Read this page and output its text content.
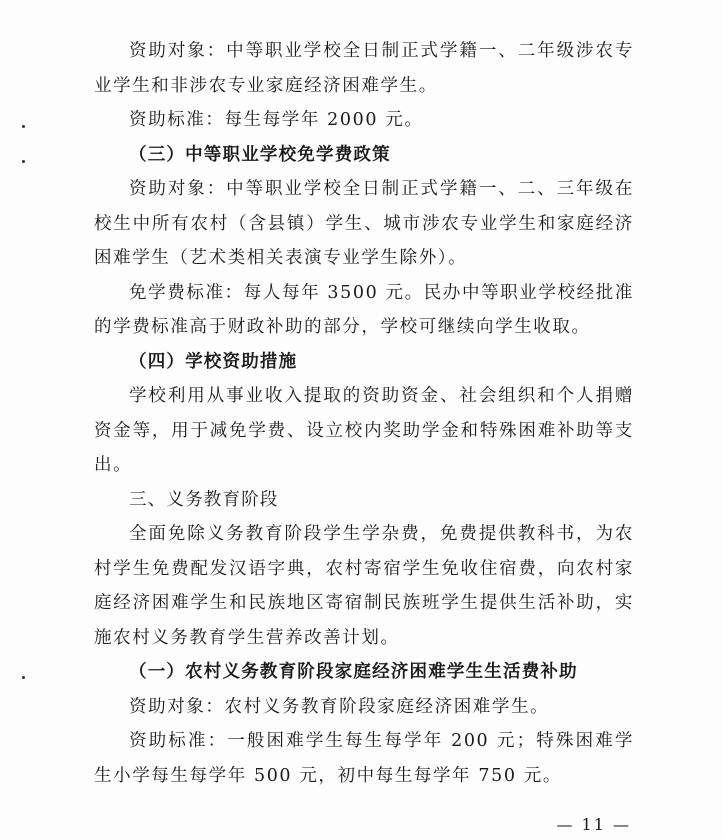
资助对象：中等职业学校全日制正式学籍一、二年级涉农专业学生和非涉农专业家庭经济困难学生。

资助标准：每生每学年 2000 元。

（三）中等职业学校免学费政策

资助对象：中等职业学校全日制正式学籍一、二、三年级在校生中所有农村（含县镇）学生、城市涉农专业学生和家庭经济困难学生（艺术类相关表演专业学生除外）。

免学费标准：每人每年 3500 元。民办中等职业学校经批准的学费标准高于财政补助的部分，学校可继续向学生收取。

（四）学校资助措施

学校利用从事业收入提取的资助资金、社会组织和个人捐赠资金等，用于减免学费、设立校内奖助学金和特殊困难补助等支出。

三、义务教育阶段

全面免除义务教育阶段学生学杂费，免费提供教科书，为农村学生免费配发汉语字典，农村寄宿学生免收住宿费，向农村家庭经济困难学生和民族地区寄宿制民族班学生提供生活补助，实施农村义务教育学生营养改善计划。

（一）农村义务教育阶段家庭经济困难学生生活费补助

资助对象：农村义务教育阶段家庭经济困难学生。

资助标准：一般困难学生每生每学年 200 元；特殊困难学生小学每生每学年 500 元，初中每生每学年 750 元。

— 11 —
